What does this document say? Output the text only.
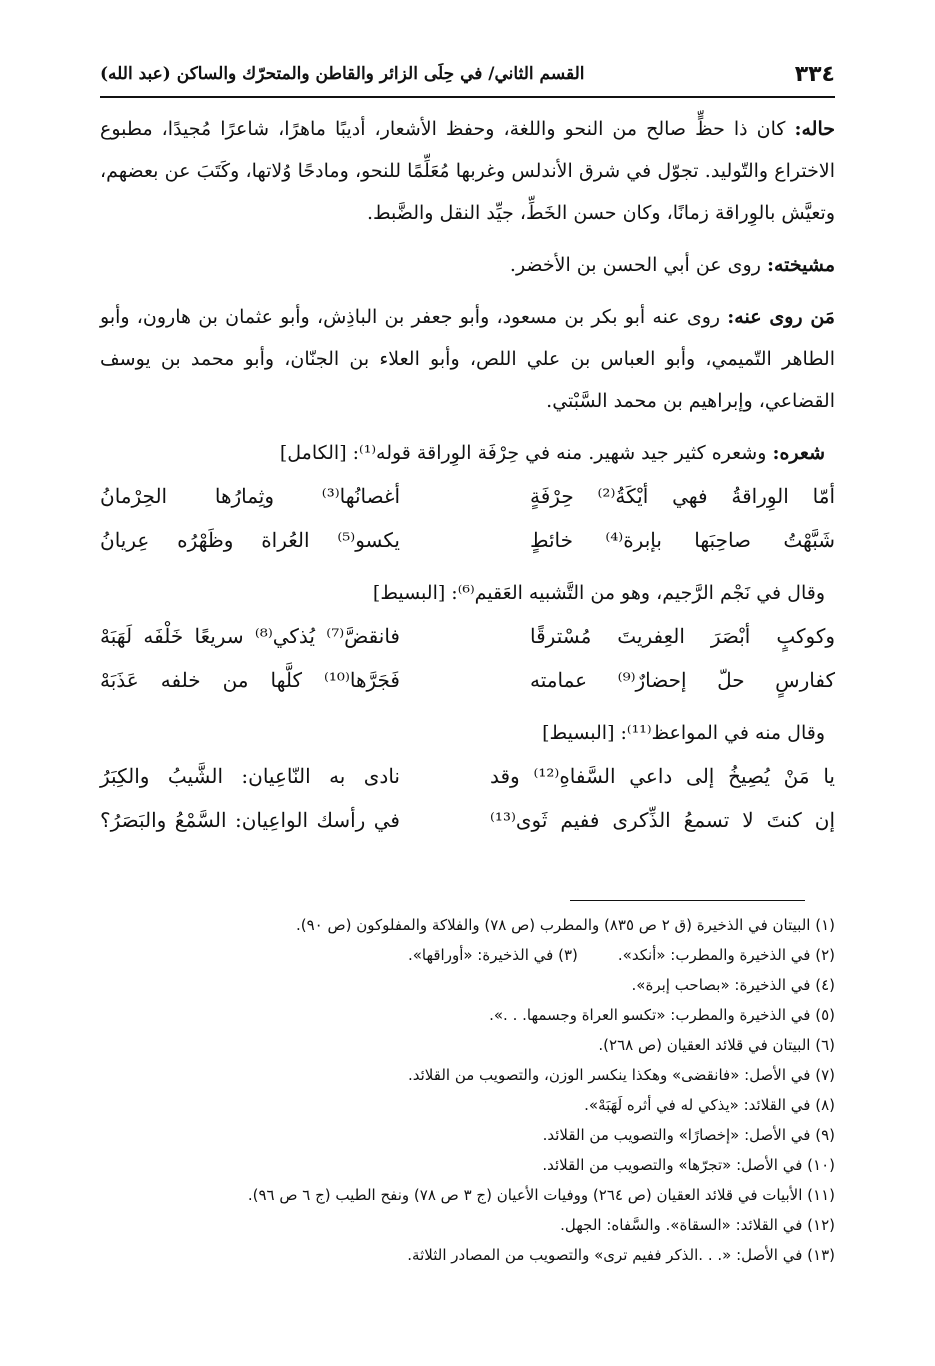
٣٣٤
القسم الثاني/ في حِلَى الزائر والقاطن والمتحرّك والساكن (عبد الله)

حاله: كان ذا حظٍّ صالح من النحو واللغة، وحفظ الأشعار، أديبًا ماهرًا، شاعرًا مُجيدًا، مطبوع الاختراع والتّوليد. تجوّل في شرق الأندلس وغربها مُعَلِّمًا للنحو، ومادحًا وُلاتها، وكَتَبَ عن بعضهم، وتعيَّش بالوِراقة زمانًا، وكان حسن الخَطِّ، جيِّد النقل والضَّبط.

مشيخته: روى عن أبي الحسن بن الأخضر.

مَن روى عنه: روى عنه أبو بكر بن مسعود، وأبو جعفر بن الباذِش، وأبو عثمان بن هارون، وأبو الطاهر التّميمي، وأبو العباس بن علي اللص، وأبو العلاء بن الجنّان، وأبو محمد بن يوسف القضاعي، وإبراهيم بن محمد السَّبْتي.

شعره: وشعره كثير جيد شهير. منه في حِرْفَة الوِراقة قوله⁽¹⁾: [الكامل]

أمّا الوِراقةُ فهي أيْكَةُ⁽²⁾ حِرْفَةٍ
أغصانُها⁽³⁾ وثِمارُها الحِرْمانُ
شَبَّهْتُ صاحِبَها بإبرة⁽⁴⁾ خائطٍ
يكسو⁽⁵⁾ العُراة وظَهْرُه عِريانُ

وقال في نَجْم الرَّجيم، وهو من التَّشبيه العَقيم⁽⁶⁾: [البسيط]

وكوكبٍ أبْصَرَ العِفريتَ مُسْترقًا
فانقضَّ⁽⁷⁾ يُذكي⁽⁸⁾ سريعًا خَلْفَه لَهَبَهْ
كفارسٍ حلّ إحضارٌ⁽⁹⁾ عمامته
فَجَرَّها⁽¹⁰⁾ كلَّها من خلفه عَذَبَهْ

وقال منه في المواعظ⁽¹¹⁾: [البسيط]

يا مَنْ يُصِيخُ إلى داعي السَّفاهِ⁽¹²⁾ وقد
نادى به النّاعِيان: الشَّيبُ والكِبَرُ
إن كنتَ لا تسمعُ الذِّكرى ففيم ثَوى⁽¹³⁾
في رأسك الواعِيان: السَّمْعُ والبَصَرُ؟

(١) البيتان في الذخيرة (ق ٢ ص ٨٣٥) والمطرب (ص ٧٨) والفلاكة والمفلوكون (ص ٩٠).

(٢) في الذخيرة والمطرب: «أنكد».
(٣) في الذخيرة: «أوراقها».

(٤) في الذخيرة: «بصاحب إبرة».

(٥) في الذخيرة والمطرب: «تكسو العراة وجسمها. . .».

(٦) البيتان في قلائد العقيان (ص ٢٦٨).

(٧) في الأصل: «فانقضى» وهكذا ينكسر الوزن، والتصويب من القلائد.

(٨) في القلائد: «يذكي له في أثره لَهَبَهْ».

(٩) في الأصل: «إخصارًا» والتصويب من القلائد.

(١٠) في الأصل: «تجرّها» والتصويب من القلائد.

(١١) الأبيات في قلائد العقيان (ص ٢٦٤) ووفيات الأعيان (ج ٣ ص ٧٨) ونفح الطيب (ج ٦ ص ٩٦).

(١٢) في القلائد: «السقاة». والسَّفاه: الجهل.

(١٣) في الأصل: «. . .الذكر ففيم ترى» والتصويب من المصادر الثلاثة.
